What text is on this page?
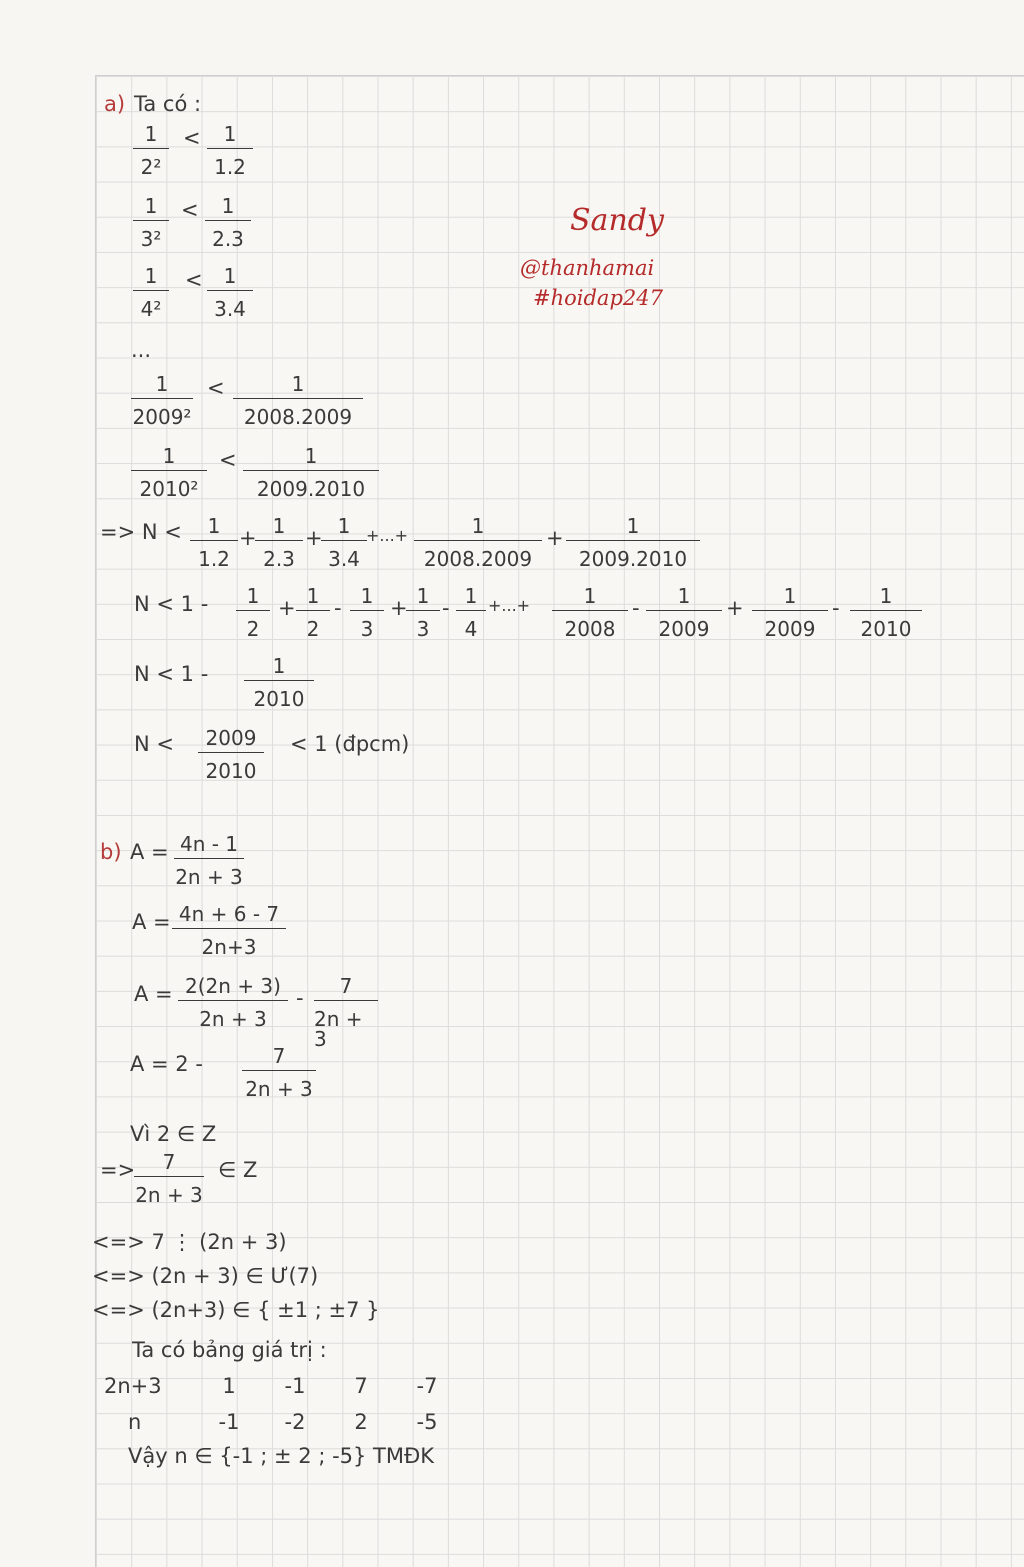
Sandy
@thanhamai
#hoidap247
a) Ta có :
1
2²
< 1
1.2
1
3²
< 1
2.3
1
4²
< 1
3.4
...
1
2009²
<	1
2008.2009
1
2010²
<	1
2009.2010
=> N < 1
1.2
+ 1
2.3
+ 1
3.4
+...+	1
2008.2009
+	1
2009.2010
N < 1 - 1
2
+ 1
2
- 1
3
+ 1
3
- 1
4
+...+	1
2008
- 1
2009
+ 1
2009
- 1
2010
N < 1 -	1
2010
N < 2009
2010
< 1 (đpcm)
b) A = 4n - 1
2n + 3
A = 4n + 6 - 7
2n+3
A = 2(2n + 3)
2n + 3
- 7
2n + 3
A = 2 -	7
2n + 3
Vì 2 ∈ Z
=> 7
2n + 3
∈ Z
<=> 7 ⋮ (2n + 3)
<=> (2n + 3) ∈ Ư(7)
<=> (2n+3) ∈ { ±1 ; ±7 }
Ta có bảng giá trị :
2n+3	1	-1	7	-7
n	-1	-2	2	-5
Vậy n ∈ {-1 ; ± 2 ; -5} TMĐK
